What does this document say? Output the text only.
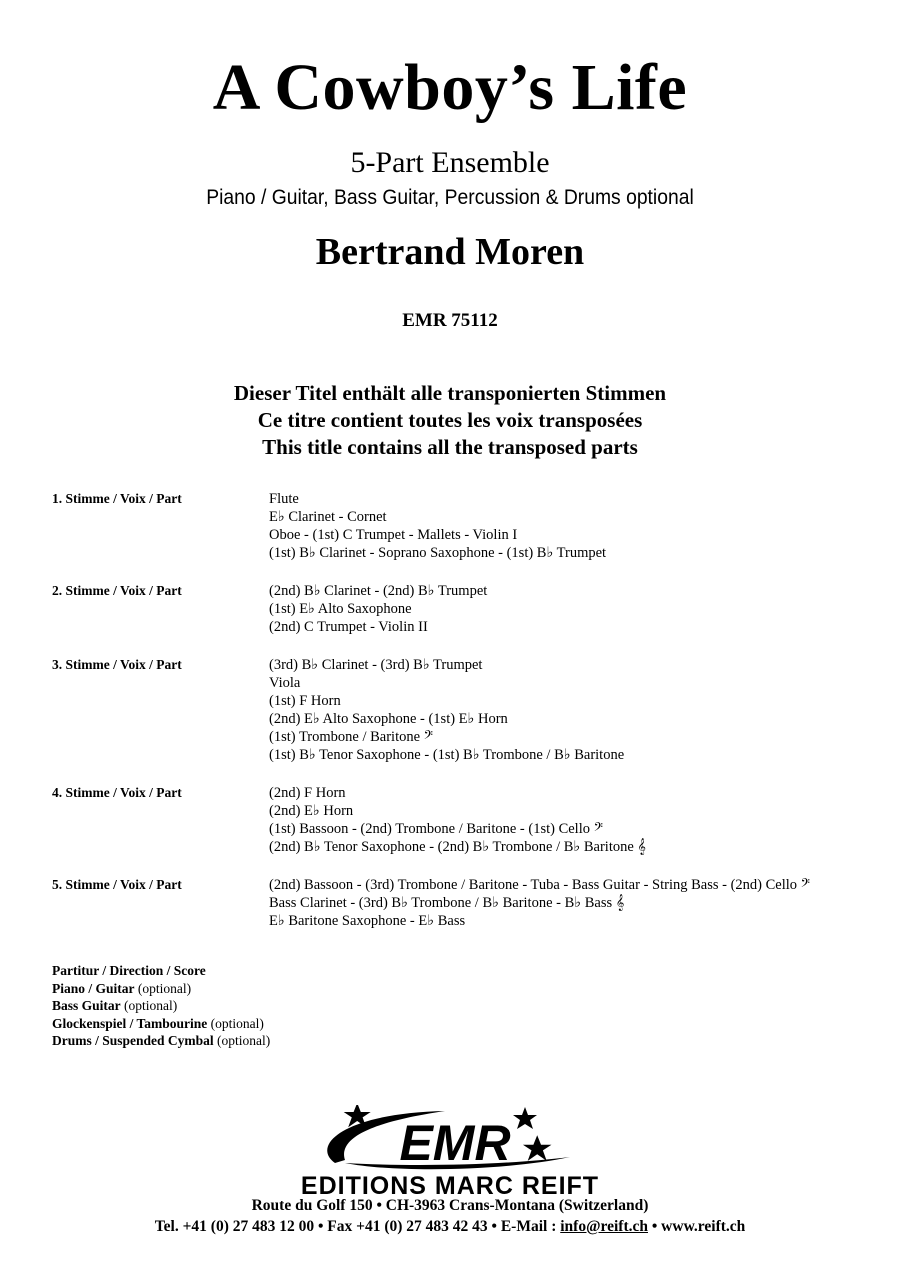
A Cowboy’s Life
5-Part Ensemble
Piano / Guitar, Bass Guitar, Percussion & Drums optional
Bertrand Moren
EMR 75112
Dieser Titel enthält alle transponierten Stimmen
Ce titre contient toutes les voix transposées
This title contains all the transposed parts
1. Stimme / Voix / Part	Flute
E♭ Clarinet - Cornet
Oboe - (1st) C Trumpet - Mallets - Violin I
(1st) B♭ Clarinet - Soprano Saxophone - (1st) B♭ Trumpet
2. Stimme / Voix / Part	(2nd) B♭ Clarinet - (2nd) B♭ Trumpet
(1st) E♭ Alto Saxophone
(2nd) C Trumpet - Violin II
3. Stimme / Voix / Part	(3rd) B♭ Clarinet - (3rd) B♭ Trumpet
Viola
(1st) F Horn
(2nd) E♭ Alto Saxophone - (1st) E♭ Horn
(1st) Trombone / Baritone 𝄢
(1st) B♭ Tenor Saxophone - (1st) B♭ Trombone / B♭ Baritone
4. Stimme / Voix / Part	(2nd) F Horn
(2nd) E♭ Horn
(1st) Bassoon - (2nd) Trombone / Baritone - (1st) Cello 𝄢
(2nd) B♭ Tenor Saxophone - (2nd) B♭ Trombone / B♭ Baritone 𝄞
5. Stimme / Voix / Part	(2nd) Bassoon - (3rd) Trombone / Baritone - Tuba - Bass Guitar - String Bass - (2nd) Cello 𝄢
Bass Clarinet - (3rd) B♭ Trombone / B♭ Baritone - B♭ Bass 𝄞
E♭ Baritone Saxophone - E♭ Bass
Partitur / Direction / Score
Piano / Guitar (optional)
Bass Guitar (optional)
Glockenspiel / Tambourine (optional)
Drums / Suspended Cymbal (optional)
EMR
EDITIONS MARC REIFT
Route du Golf 150 • CH-3963 Crans-Montana (Switzerland)
Tel. +41 (0) 27 483 12 00 • Fax +41 (0) 27 483 42 43 • E-Mail : info@reift.ch • www.reift.ch
